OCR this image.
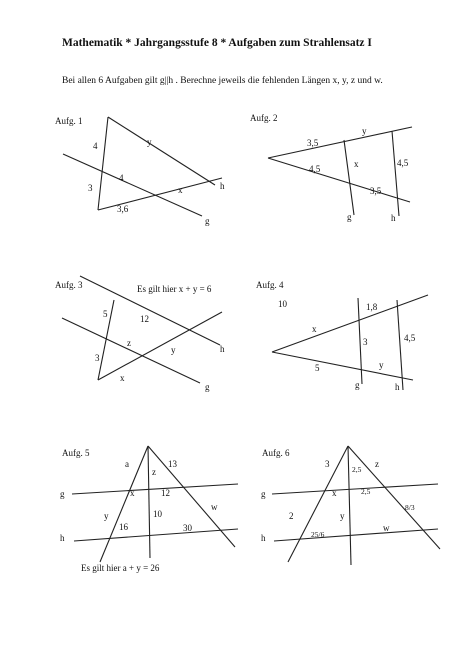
Mathematik * Jahrgangsstufe 8 * Aufgaben zum Strahlensatz I
Bei allen 6 Aufgaben gilt g||h . Berechne jeweils die fehlenden Längen x, y, z und w.
Aufg. 1
4	y
4
3	x
3,6
g
h
Aufg. 2
3,5
y
4,5	x	4,5
3,5
g	h
Aufg. 3	Es gilt hier x + y = 6
5	12
z
y
3
x
g
h
Aufg. 4
10	1,8
x
3	4,5
5	y
g	h
Aufg. 5
a	13
z
x	12
w
y	10
16	30
g
h
Es gilt hier a + y = 26
Aufg. 6
3	z
2,5
x	2,5
8/3
2	y
25/6
w
g
h
